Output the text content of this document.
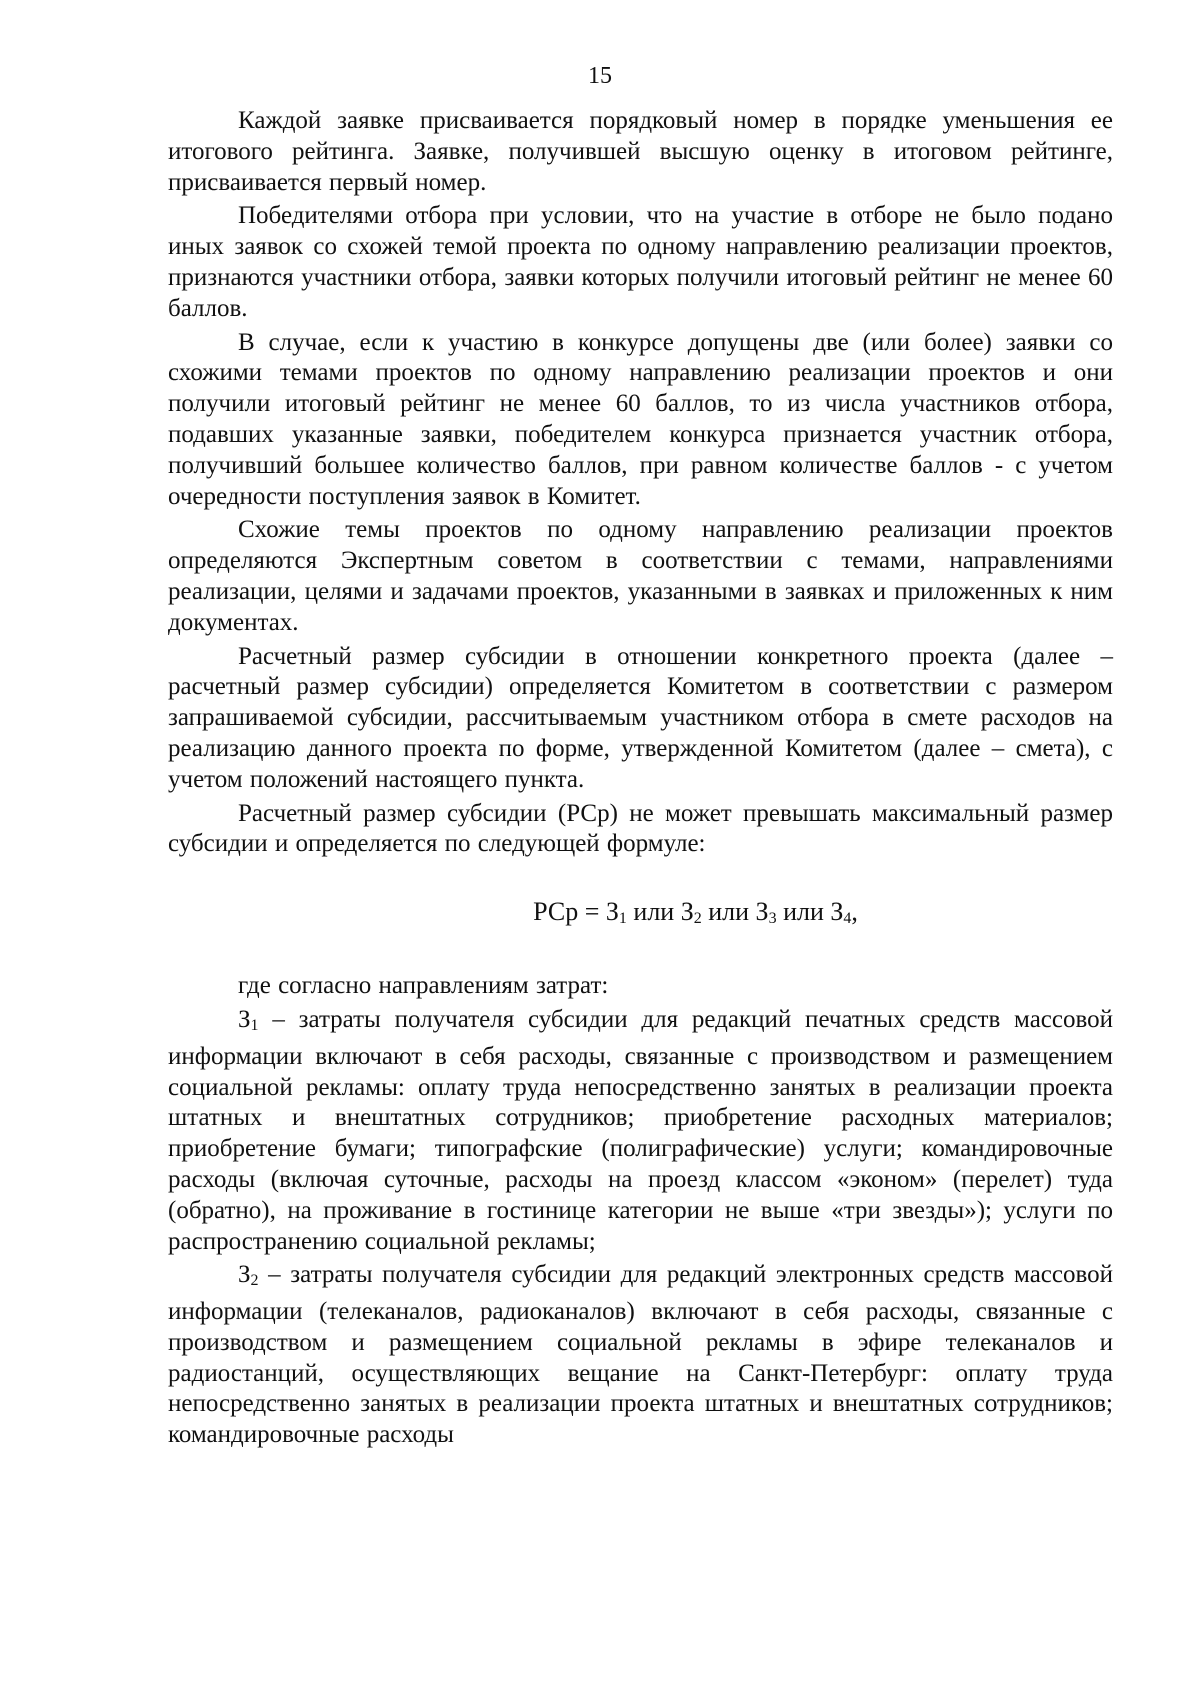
15

Каждой заявке присваивается порядковый номер в порядке уменьшения ее итогового рейтинга. Заявке, получившей высшую оценку в итоговом рейтинге, присваивается первый номер.

Победителями отбора при условии, что на участие в отборе не было подано иных заявок со схожей темой проекта по одному направлению реализации проектов, признаются участники отбора, заявки которых получили итоговый рейтинг не менее 60 баллов.

В случае, если к участию в конкурсе допущены две (или более) заявки со схожими темами проектов по одному направлению реализации проектов и они получили итоговый рейтинг не менее 60 баллов, то из числа участников отбора, подавших указанные заявки, победителем конкурса признается участник отбора, получивший большее количество баллов, при равном количестве баллов - с учетом очередности поступления заявок в Комитет.

Схожие темы проектов по одному направлению реализации проектов определяются Экспертным советом в соответствии с темами, направлениями реализации, целями и задачами проектов, указанными в заявках и приложенных к ним документах.

Расчетный размер субсидии в отношении конкретного проекта (далее – расчетный размер субсидии) определяется Комитетом в соответствии с размером запрашиваемой субсидии, рассчитываемым участником отбора в смете расходов на реализацию данного проекта по форме, утвержденной Комитетом (далее – смета), с учетом положений настоящего пункта.

Расчетный размер субсидии (РСр) не может превышать максимальный размер субсидии и определяется по следующей формуле:

РСр = $З_1$ или $З_2$ или $З_3$ или $З_4$,

где согласно направлениям затрат:

З1 – затраты получателя субсидии для редакций печатных средств массовой информации включают в себя расходы, связанные с производством и размещением социальной рекламы: оплату труда непосредственно занятых в реализации проекта штатных и внештатных сотрудников; приобретение расходных материалов; приобретение бумаги; типографские (полиграфические) услуги; командировочные расходы (включая суточные, расходы на проезд классом «эконом» (перелет) туда (обратно), на проживание в гостинице категории не выше «три звезды»); услуги по распространению социальной рекламы;

З2 – затраты получателя субсидии для редакций электронных средств массовой информации (телеканалов, радиоканалов) включают в себя расходы, связанные с производством и размещением социальной рекламы в эфире телеканалов и радиостанций, осуществляющих вещание на Санкт-Петербург: оплату труда непосредственно занятых в реализации проекта штатных и внештатных сотрудников; командировочные расходы
